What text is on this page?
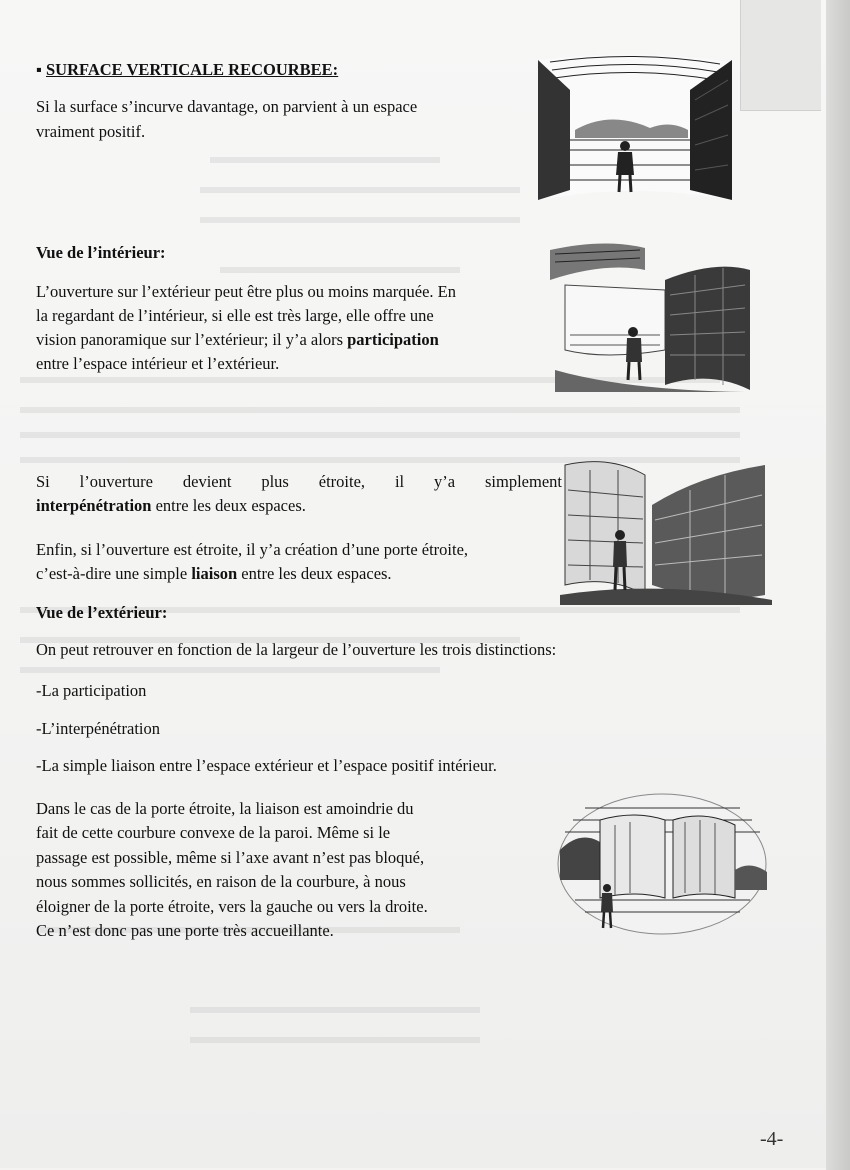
▪ SURFACE VERTICALE RECOURBEE:
Si la surface s’incurve davantage, on parvient à un espace
vraiment positif.
Vue de l’intérieur:
L’ouverture sur l’extérieur peut être plus ou moins marquée. En
la regardant de l’intérieur, si elle est très large, elle offre une
vision panoramique sur l’extérieur; il y’a alors participation
entre l’espace intérieur et l’extérieur.
Si l’ouverture devient plus étroite, il y’a simplement
interpénétration entre les deux espaces.
Enfin, si l’ouverture est étroite, il y’a création d’une porte étroite,
c’est-à-dire une simple liaison entre les deux espaces.
Vue de l’extérieur:
On peut retrouver en fonction de la largeur de l’ouverture les trois distinctions:
-La participation
-L’interpénétration
-La simple liaison entre l’espace extérieur et l’espace positif intérieur.
Dans le cas de la porte étroite, la liaison est amoindrie du
fait de cette courbure convexe de la paroi. Même si le
passage est possible, même si l’axe avant n’est pas bloqué,
nous sommes sollicités, en raison de la courbure, à nous
éloigner de la porte étroite, vers la gauche ou vers la droite.
Ce n’est donc pas une porte très accueillante.
-4-
